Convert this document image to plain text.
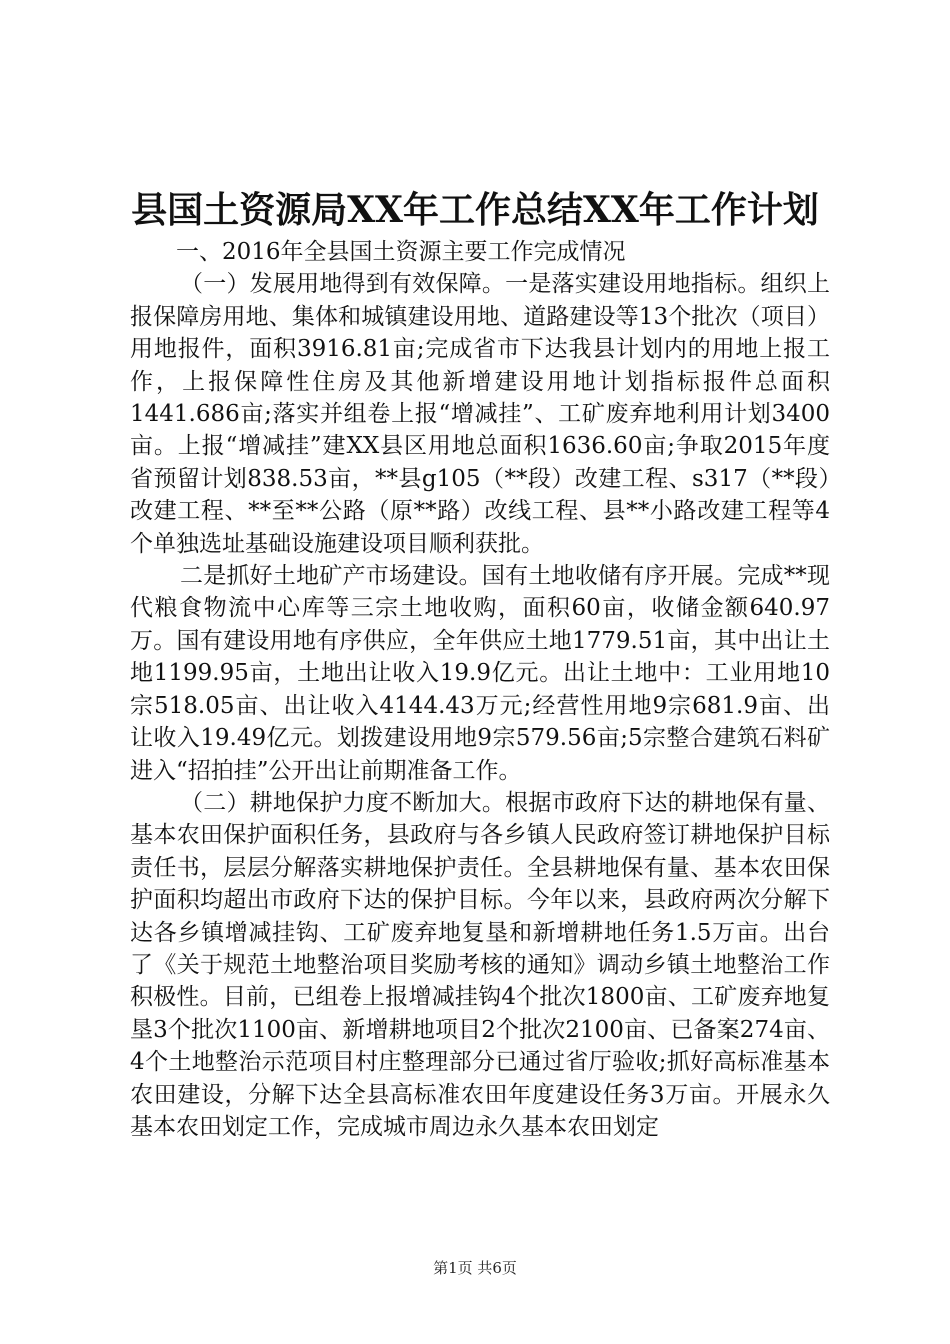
县国土资源局XX年工作总结XX年工作计划

一、2016年全县国土资源主要工作完成情况

（一）发展用地得到有效保障。一是落实建设用地指标。组织上报保障房用地、集体和城镇建设用地、道路建设等13个批次（项目）用地报件，面积3916.81亩;完成省市下达我县计划内的用地上报工作，上报保障性住房及其他新增建设用地计划指标报件总面积1441.686亩;落实并组卷上报“增减挂”、工矿废弃地利用计划3400亩。上报“增减挂”建XX县区用地总面积1636.60亩;争取2015年度省预留计划838.53亩，**县g105（**段）改建工程、s317（**段）改建工程、**至**公路（原**路）改线工程、县**小路改建工程等4个单独选址基础设施建设项目顺利获批。

二是抓好土地矿产市场建设。国有土地收储有序开展。完成**现代粮食物流中心库等三宗土地收购，面积60亩，收储金额640.97万。国有建设用地有序供应，全年供应土地1779.51亩，其中出让土地1199.95亩，土地出让收入19.9亿元。出让土地中：工业用地10宗518.05亩、出让收入4144.43万元;经营性用地9宗681.9亩、出让收入19.49亿元。划拨建设用地9宗579.56亩;5宗整合建筑石料矿进入“招拍挂”公开出让前期准备工作。

（二）耕地保护力度不断加大。根据市政府下达的耕地保有量、基本农田保护面积任务，县政府与各乡镇人民政府签订耕地保护目标责任书，层层分解落实耕地保护责任。全县耕地保有量、基本农田保护面积均超出市政府下达的保护目标。今年以来，县政府两次分解下达各乡镇增减挂钩、工矿废弃地复垦和新增耕地任务1.5万亩。出台了《关于规范土地整治项目奖励考核的通知》调动乡镇土地整治工作积极性。目前，已组卷上报增减挂钩4个批次1800亩、工矿废弃地复垦3个批次1100亩、新增耕地项目2个批次2100亩、已备案274亩、4个土地整治示范项目村庄整理部分已通过省厅验收;抓好高标准基本农田建设，分解下达全县高标准农田年度建设任务3万亩。开展永久基本农田划定工作，完成城市周边永久基本农田划定

第1页 共6页
